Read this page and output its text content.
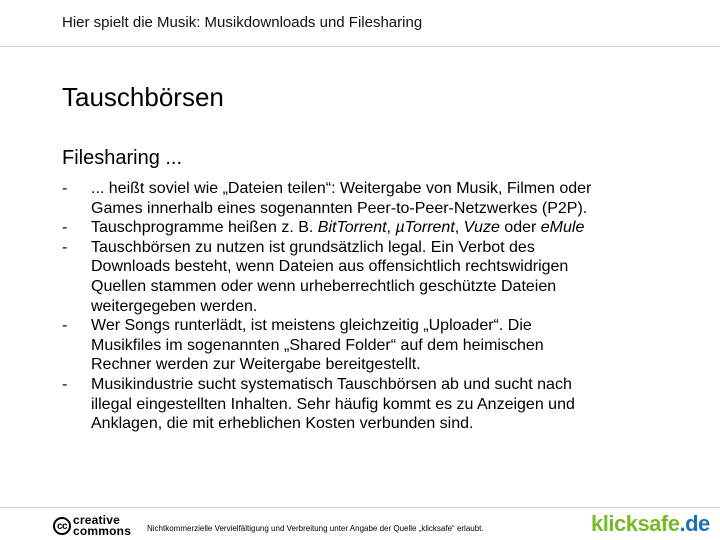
Hier spielt die Musik: Musikdownloads und Filesharing
Tauschbörsen
Filesharing ...
- ... heißt soviel wie „Dateien teilen“: Weitergabe von Musik, Filmen oder
Games innerhalb eines sogenannten Peer-to-Peer-Netzwerkes (P2P).
- Tauschprogramme heißen z. B. BitTorrent, µTorrent, Vuze oder eMule
- Tauschbörsen zu nutzen ist grundsätzlich legal. Ein Verbot des
Downloads besteht, wenn Dateien aus offensichtlich rechtswidrigen
Quellen stammen oder wenn urheberrechtlich geschützte Dateien
weitergegeben werden.
- Wer Songs runterlädt, ist meistens gleichzeitig „Uploader“. Die
Musikfiles im sogenannten „Shared Folder“ auf dem heimischen
Rechner werden zur Weitergabe bereitgestellt.
- Musikindustrie sucht systematisch Tauschbörsen ab und sucht nach
illegal eingestellten Inhalten. Sehr häufig kommt es zu Anzeigen und
Anklagen, die mit erheblichen Kosten verbunden sind.
cc creative
commons Nichtkommerzielle Vervielfältigung und Verbreitung unter Angabe der Quelle „klicksafe“ erlaubt.	klicksafe.de
